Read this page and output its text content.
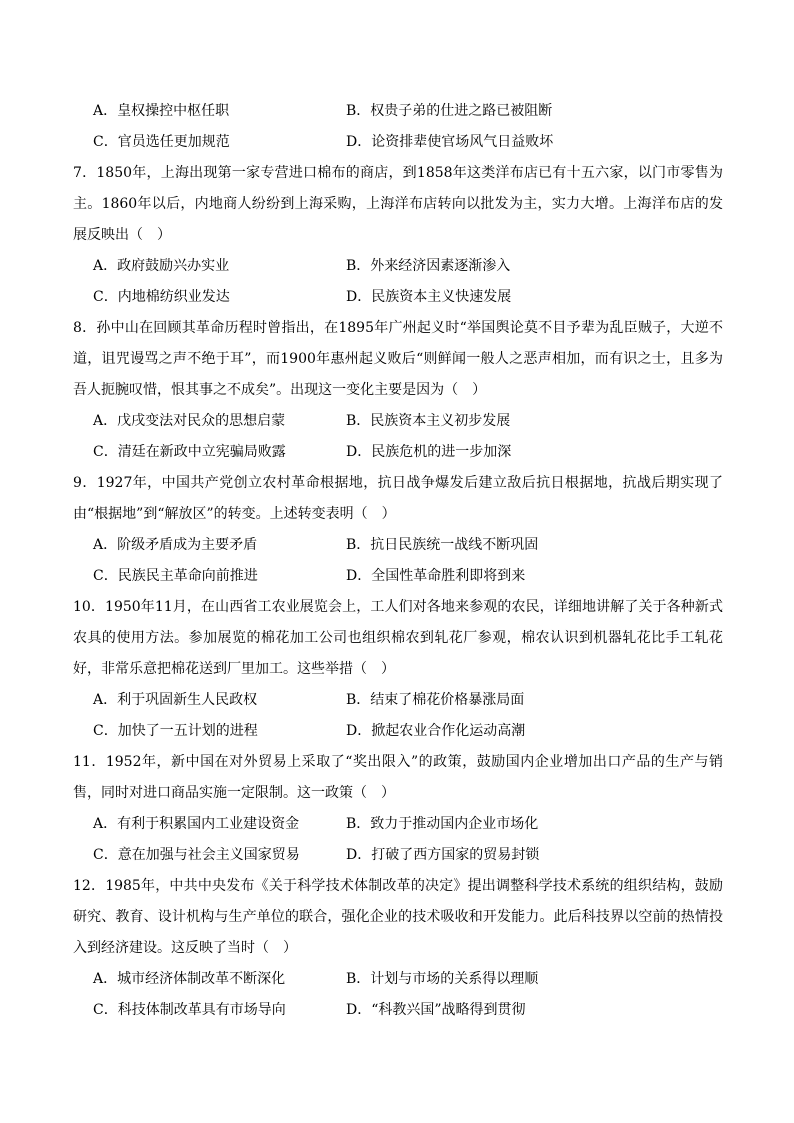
A．皇权操控中枢任职	B．权贵子弟的仕进之路已被阻断
C．官员选任更加规范	D．论资排辈使官场风气日益败坏
7．1850年，上海出现第一家专营进口棉布的商店，到1858年这类洋布店已有十五六家，以门市零售为主。1860年以后，内地商人纷纷到上海采购，上海洋布店转向以批发为主，实力大增。上海洋布店的发展反映出（　）
A．政府鼓励兴办实业	B．外来经济因素逐渐渗入
C．内地棉纺织业发达	D．民族资本主义快速发展
8．孙中山在回顾其革命历程时曾指出，在1895年广州起义时“举国舆论莫不目予辈为乱臣贼子，大逆不道，诅咒谩骂之声不绝于耳”，而1900年惠州起义败后“则鲜闻一般人之恶声相加，而有识之士，且多为吾人扼腕叹惜，恨其事之不成矣”。出现这一变化主要是因为（　）
A．戊戌变法对民众的思想启蒙	B．民族资本主义初步发展
C．清廷在新政中立宪骗局败露	D．民族危机的进一步加深
9．1927年，中国共产党创立农村革命根据地，抗日战争爆发后建立敌后抗日根据地，抗战后期实现了由“根据地”到“解放区”的转变。上述转变表明（　）
A．阶级矛盾成为主要矛盾	B．抗日民族统一战线不断巩固
C．民族民主革命向前推进	D．全国性革命胜利即将到来
10．1950年11月，在山西省工农业展览会上，工人们对各地来参观的农民，详细地讲解了关于各种新式农具的使用方法。参加展览的棉花加工公司也组织棉农到轧花厂参观，棉农认识到机器轧花比手工轧花好，非常乐意把棉花送到厂里加工。这些举措（　）
A．利于巩固新生人民政权	B．结束了棉花价格暴涨局面
C．加快了一五计划的进程	D．掀起农业合作化运动高潮
11．1952年，新中国在对外贸易上采取了“奖出限入”的政策，鼓励国内企业增加出口产品的生产与销售，同时对进口商品实施一定限制。这一政策（　）
A．有利于积累国内工业建设资金	B．致力于推动国内企业市场化
C．意在加强与社会主义国家贸易	D．打破了西方国家的贸易封锁
12．1985年，中共中央发布《关于科学技术体制改革的决定》提出调整科学技术系统的组织结构，鼓励研究、教育、设计机构与生产单位的联合，强化企业的技术吸收和开发能力。此后科技界以空前的热情投入到经济建设。这反映了当时（　）
A．城市经济体制改革不断深化	B．计划与市场的关系得以理顺
C．科技体制改革具有市场导向	D．“科教兴国”战略得到贯彻
